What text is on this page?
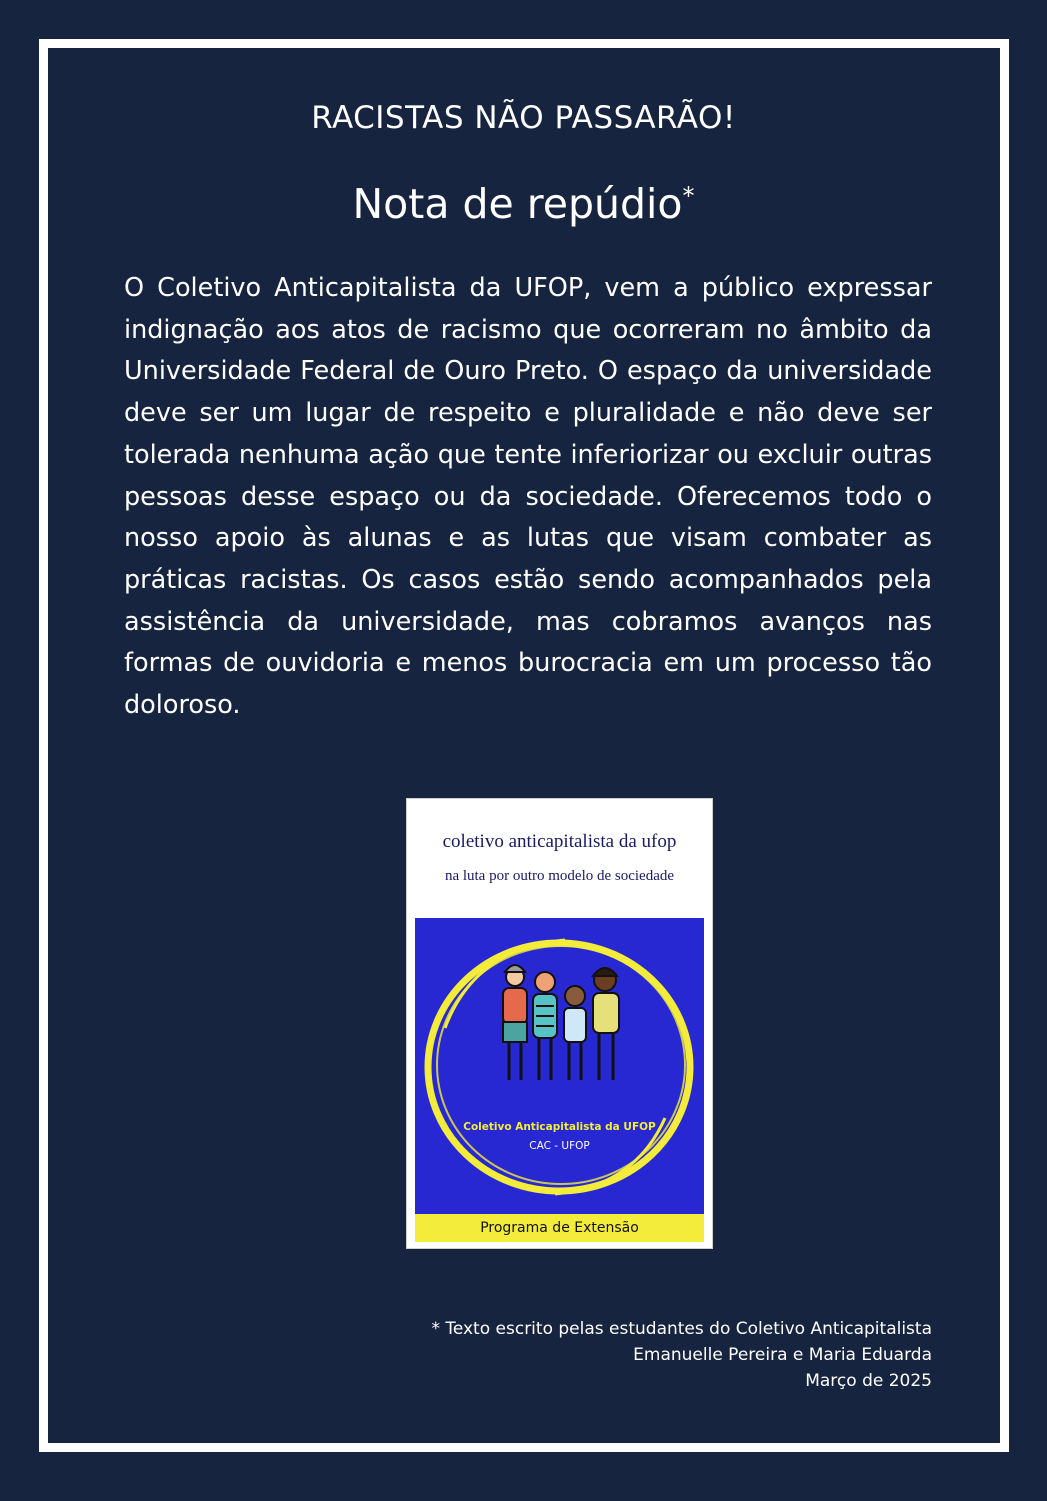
RACISTAS NÃO PASSARÃO!
Nota de repúdio*
O Coletivo Anticapitalista da UFOP, vem a público expressar indignação aos atos de racismo que ocorreram no âmbito da Universidade Federal de Ouro Preto. O espaço da universidade deve ser um lugar de respeito e pluralidade e não deve ser tolerada nenhuma ação que tente inferiorizar ou excluir outras pessoas desse espaço ou da sociedade. Oferecemos todo o nosso apoio às alunas e as lutas que visam combater as práticas racistas. Os casos estão sendo acompanhados pela assistência da universidade, mas cobramos avanços nas formas de ouvidoria e menos burocracia em um processo tão doloroso.
coletivo anticapitalista da ufop
na luta por outro modelo de sociedade
Coletivo Anticapitalista da UFOP
CAC - UFOP
Programa de Extensão
* Texto escrito pelas estudantes do Coletivo Anticapitalista
Emanuelle Pereira e Maria Eduarda
Março de 2025
